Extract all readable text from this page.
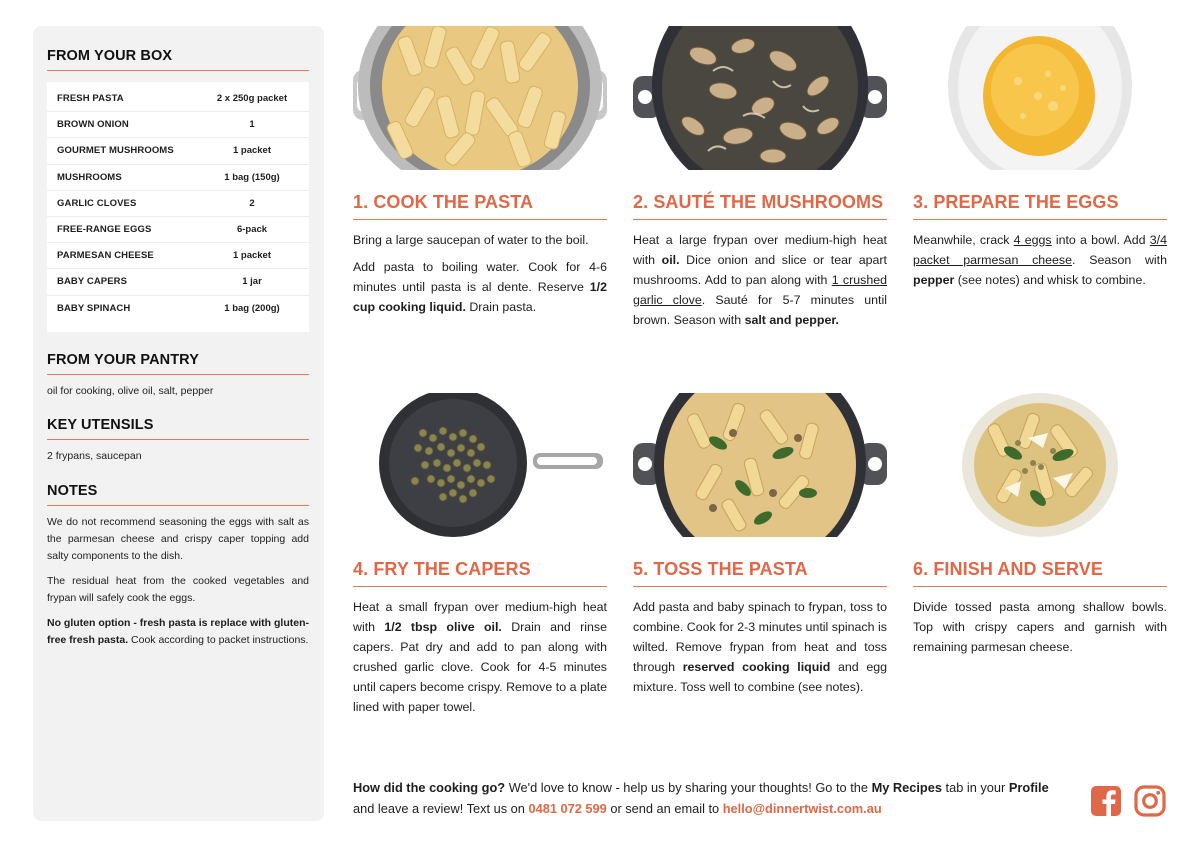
FROM YOUR BOX
FRESH PASTA	2 x 250g packet
BROWN ONION	1
GOURMET MUSHROOMS	1 packet
MUSHROOMS	1 bag (150g)
GARLIC CLOVES	2
FREE-RANGE EGGS	6-pack
PARMESAN CHEESE	1 packet
BABY CAPERS	1 jar
BABY SPINACH	1 bag (200g)
FROM YOUR PANTRY
oil for cooking, olive oil, salt, pepper
KEY UTENSILS
2 frypans, saucepan
NOTES

We do not recommend seasoning the eggs with salt as the parmesan cheese and crispy caper topping add salty components to the dish.

The residual heat from the cooked vegetables and frypan will safely cook the eggs.

No gluten option - fresh pasta is replace with gluten-free fresh pasta. Cook according to packet instructions.

1. COOK THE PASTA

Bring a large saucepan of water to the boil.

Add pasta to boiling water. Cook for 4-6 minutes until pasta is al dente. Reserve 1/2 cup cooking liquid. Drain pasta.

2. SAUTÉ THE MUSHROOMS

Heat a large frypan over medium-high heat with oil. Dice onion and slice or tear apart mushrooms. Add to pan along with 1 crushed garlic clove. Sauté for 5-7 minutes until brown. Season with salt and pepper.

3. PREPARE THE EGGS

Meanwhile, crack 4 eggs into a bowl. Add 3/4 packet parmesan cheese. Season with pepper (see notes) and whisk to combine.

4. FRY THE CAPERS

Heat a small frypan over medium-high heat with 1/2 tbsp olive oil. Drain and rinse capers. Pat dry and add to pan along with crushed garlic clove. Cook for 4-5 minutes until capers become crispy. Remove to a plate lined with paper towel.

5. TOSS THE PASTA

Add pasta and baby spinach to frypan, toss to combine. Cook for 2-3 minutes until spinach is wilted. Remove frypan from heat and toss through reserved cooking liquid and egg mixture. Toss well to combine (see notes).

6. FINISH AND SERVE

Divide tossed pasta among shallow bowls. Top with crispy capers and garnish with remaining parmesan cheese.

How did the cooking go? We'd love to know - help us by sharing your thoughts! Go to the My Recipes tab in your Profile and leave a review! Text us on 0481 072 599 or send an email to hello@dinnertwist.com.au
